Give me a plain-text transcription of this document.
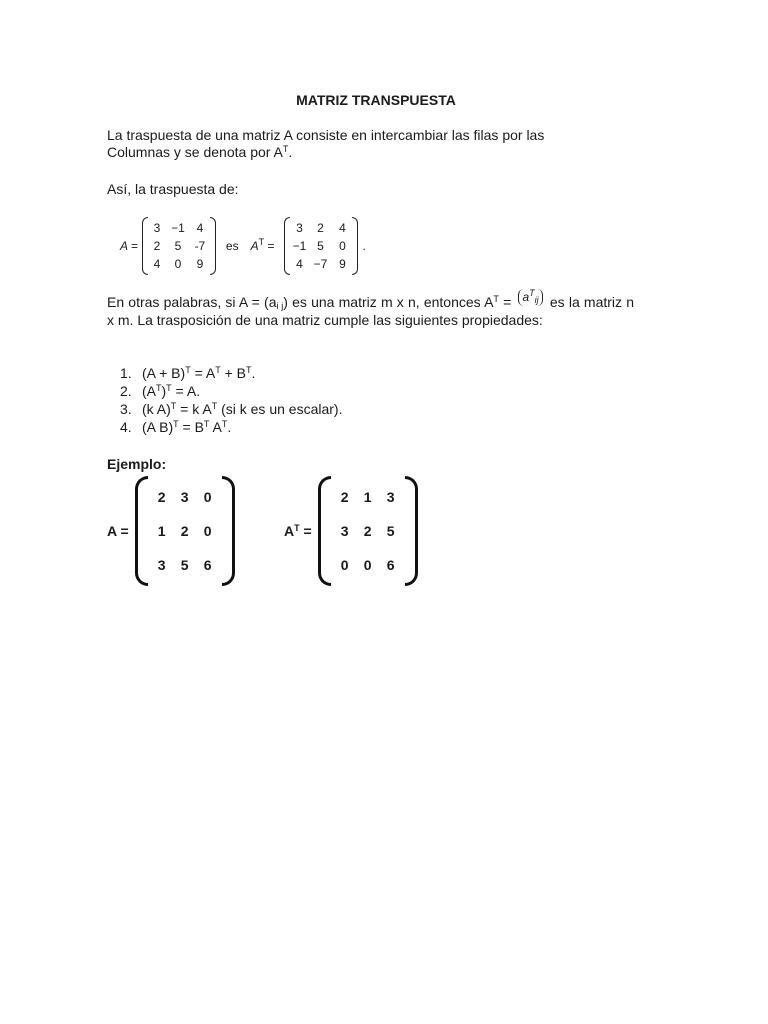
MATRIZ TRANSPUESTA
La traspuesta de una matriz A consiste en intercambiar las filas por las
Columnas y se denota por $A^T$.
Así, la traspuesta de:
A =
3 −1 4
2	5	-7
4	0	9
es $A^T$ =
3	2	4
−1 5	0
4 −7 9
.
En otras palabras, si $A = (a_{i j})$ es una matriz m x n, entonces $A^T = a^T_{ij}$ es la matriz n x m. La trasposición de una matriz cumple las siguientes propiedades:
1. $(A + B)^T = A^T + B^T$.
2. $(A^T)^T = A$.
3. (k A)$^T$ = k $A^T$ (si k es un escalar).
4. (A $B)^T = B^T$ $A^T$.
Ejemplo:
A =
2	3	0
1	2	0
3	5	6
$A^T$ =
2	1	3
3	2	5
0	0	6
